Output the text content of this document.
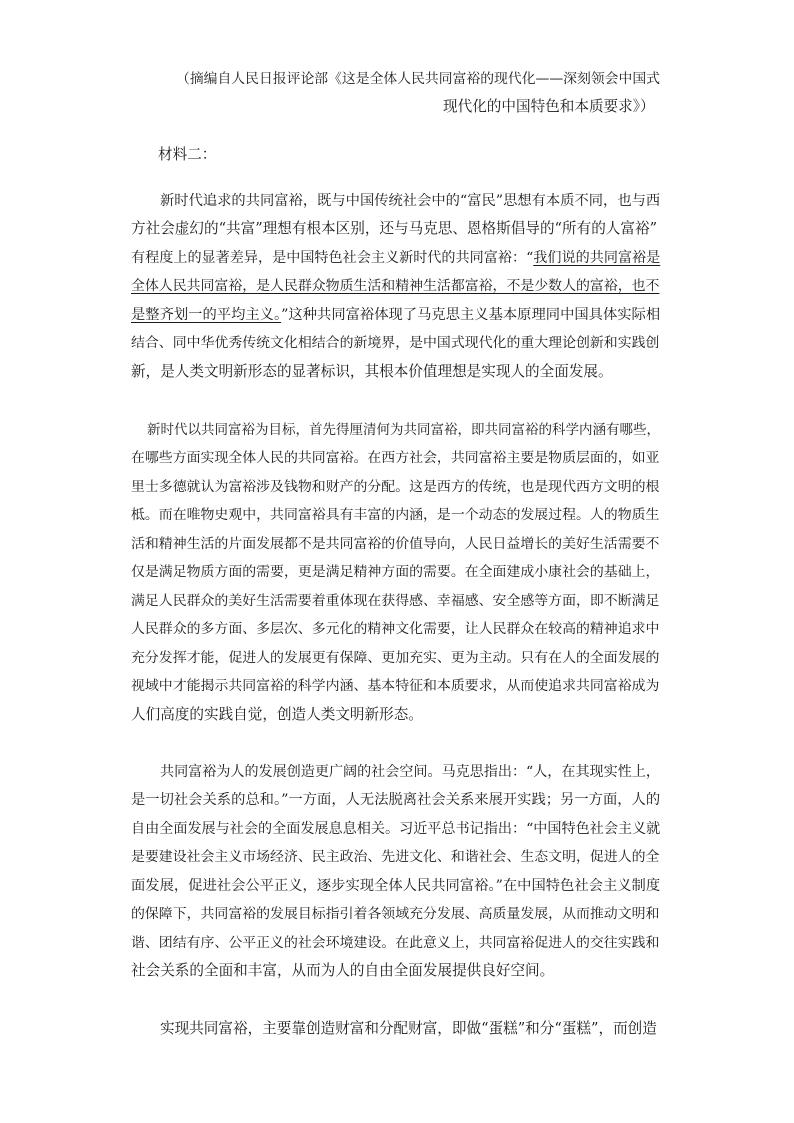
（摘编自人民日报评论部《这是全体人民共同富裕的现代化——深刻领会中国式
现代化的中国特色和本质要求》）
材料二：
新时代追求的共同富裕，既与中国传统社会中的“富民”思想有本质不同，也与西
方社会虚幻的“共富”理想有根本区别，还与马克思、恩格斯倡导的“所有的人富裕”
有程度上的显著差异，是中国特色社会主义新时代的共同富裕：“我们说的共同富裕是
全体人民共同富裕，是人民群众物质生活和精神生活都富裕，不是少数人的富裕，也不
是整齐划一的平均主义。”这种共同富裕体现了马克思主义基本原理同中国具体实际相
结合、同中华优秀传统文化相结合的新境界，是中国式现代化的重大理论创新和实践创
新，是人类文明新形态的显著标识，其根本价值理想是实现人的全面发展。
新时代以共同富裕为目标，首先得厘清何为共同富裕，即共同富裕的科学内涵有哪些，
在哪些方面实现全体人民的共同富裕。在西方社会，共同富裕主要是物质层面的，如亚
里士多德就认为富裕涉及钱物和财产的分配。这是西方的传统，也是现代西方文明的根
柢。而在唯物史观中，共同富裕具有丰富的内涵，是一个动态的发展过程。人的物质生
活和精神生活的片面发展都不是共同富裕的价值导向，人民日益增长的美好生活需要不
仅是满足物质方面的需要，更是满足精神方面的需要。在全面建成小康社会的基础上，
满足人民群众的美好生活需要着重体现在获得感、幸福感、安全感等方面，即不断满足
人民群众的多方面、多层次、多元化的精神文化需要，让人民群众在较高的精神追求中
充分发挥才能，促进人的发展更有保障、更加充实、更为主动。只有在人的全面发展的
视域中才能揭示共同富裕的科学内涵、基本特征和本质要求，从而使追求共同富裕成为
人们高度的实践自觉，创造人类文明新形态。
共同富裕为人的发展创造更广阔的社会空间。马克思指出：“人，在其现实性上，
是一切社会关系的总和。”一方面，人无法脱离社会关系来展开实践；另一方面，人的
自由全面发展与社会的全面发展息息相关。习近平总书记指出：“中国特色社会主义就
是要建设社会主义市场经济、民主政治、先进文化、和谐社会、生态文明，促进人的全
面发展，促进社会公平正义，逐步实现全体人民共同富裕。”在中国特色社会主义制度
的保障下，共同富裕的发展目标指引着各领域充分发展、高质量发展，从而推动文明和
谐、团结有序、公平正义的社会环境建设。在此意义上，共同富裕促进人的交往实践和
社会关系的全面和丰富，从而为人的自由全面发展提供良好空间。
实现共同富裕，主要靠创造财富和分配财富，即做“蛋糕”和分“蛋糕”，而创造
